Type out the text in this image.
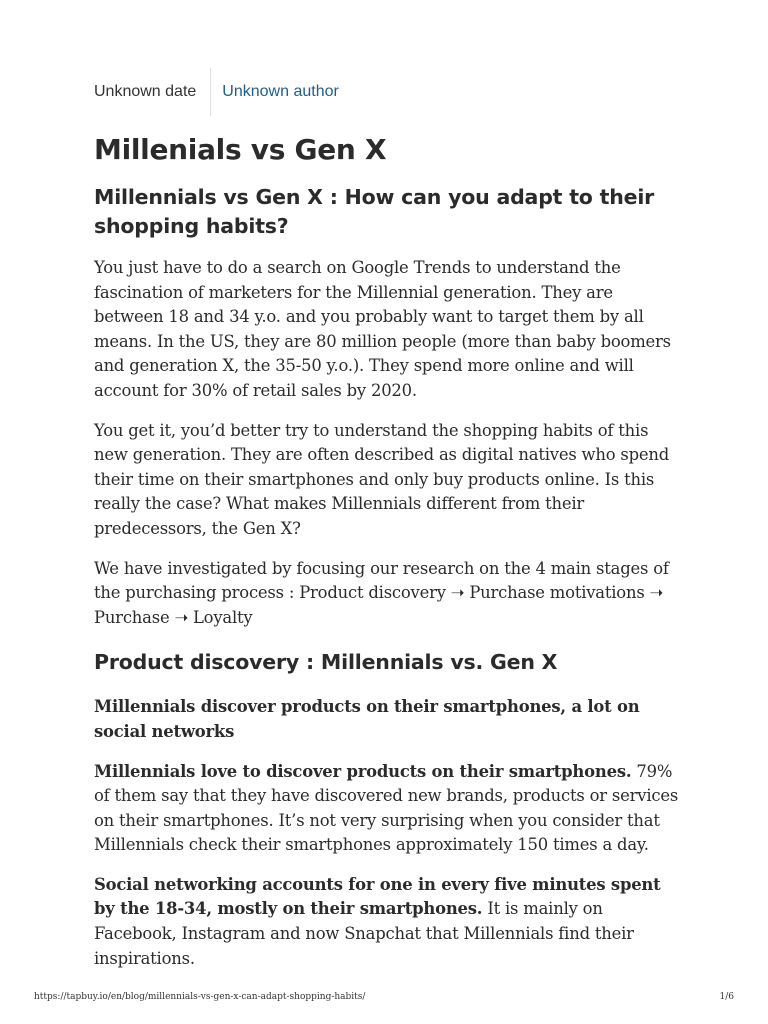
Unknown date	Unknown author
Millenials vs Gen X
Millennials vs Gen X : How can you adapt to their shopping habits?

You just have to do a search on Google Trends to understand the fascination of marketers for the Millennial generation. They are between 18 and 34 y.o. and you probably want to target them by all means. In the US, they are 80 million people (more than baby boomers and generation X, the 35-50 y.o.). They spend more online and will account for 30% of retail sales by 2020.

You get it, you’d better try to understand the shopping habits of this new generation. They are often described as digital natives who spend their time on their smartphones and only buy products online. Is this really the case? What makes Millennials different from their predecessors, the Gen X?

We have investigated by focusing our research on the 4 main stages of the purchasing process : Product discovery ➝ Purchase motivations ➝ Purchase ➝ Loyalty

Product discovery : Millennials vs. Gen X

Millennials discover products on their smartphones, a lot on social networks

Millennials love to discover products on their smartphones. 79% of them say that they have discovered new brands, products or services on their smartphones. It’s not very surprising when you consider that Millennials check their smartphones approximately 150 times a day.

Social networking accounts for one in every five minutes spent by the 18-34, mostly on their smartphones. It is mainly on Facebook, Instagram and now Snapchat that Millennials find their inspirations.

https://tapbuy.io/en/blog/millennials-vs-gen-x-can-adapt-shopping-habits/	1/6
